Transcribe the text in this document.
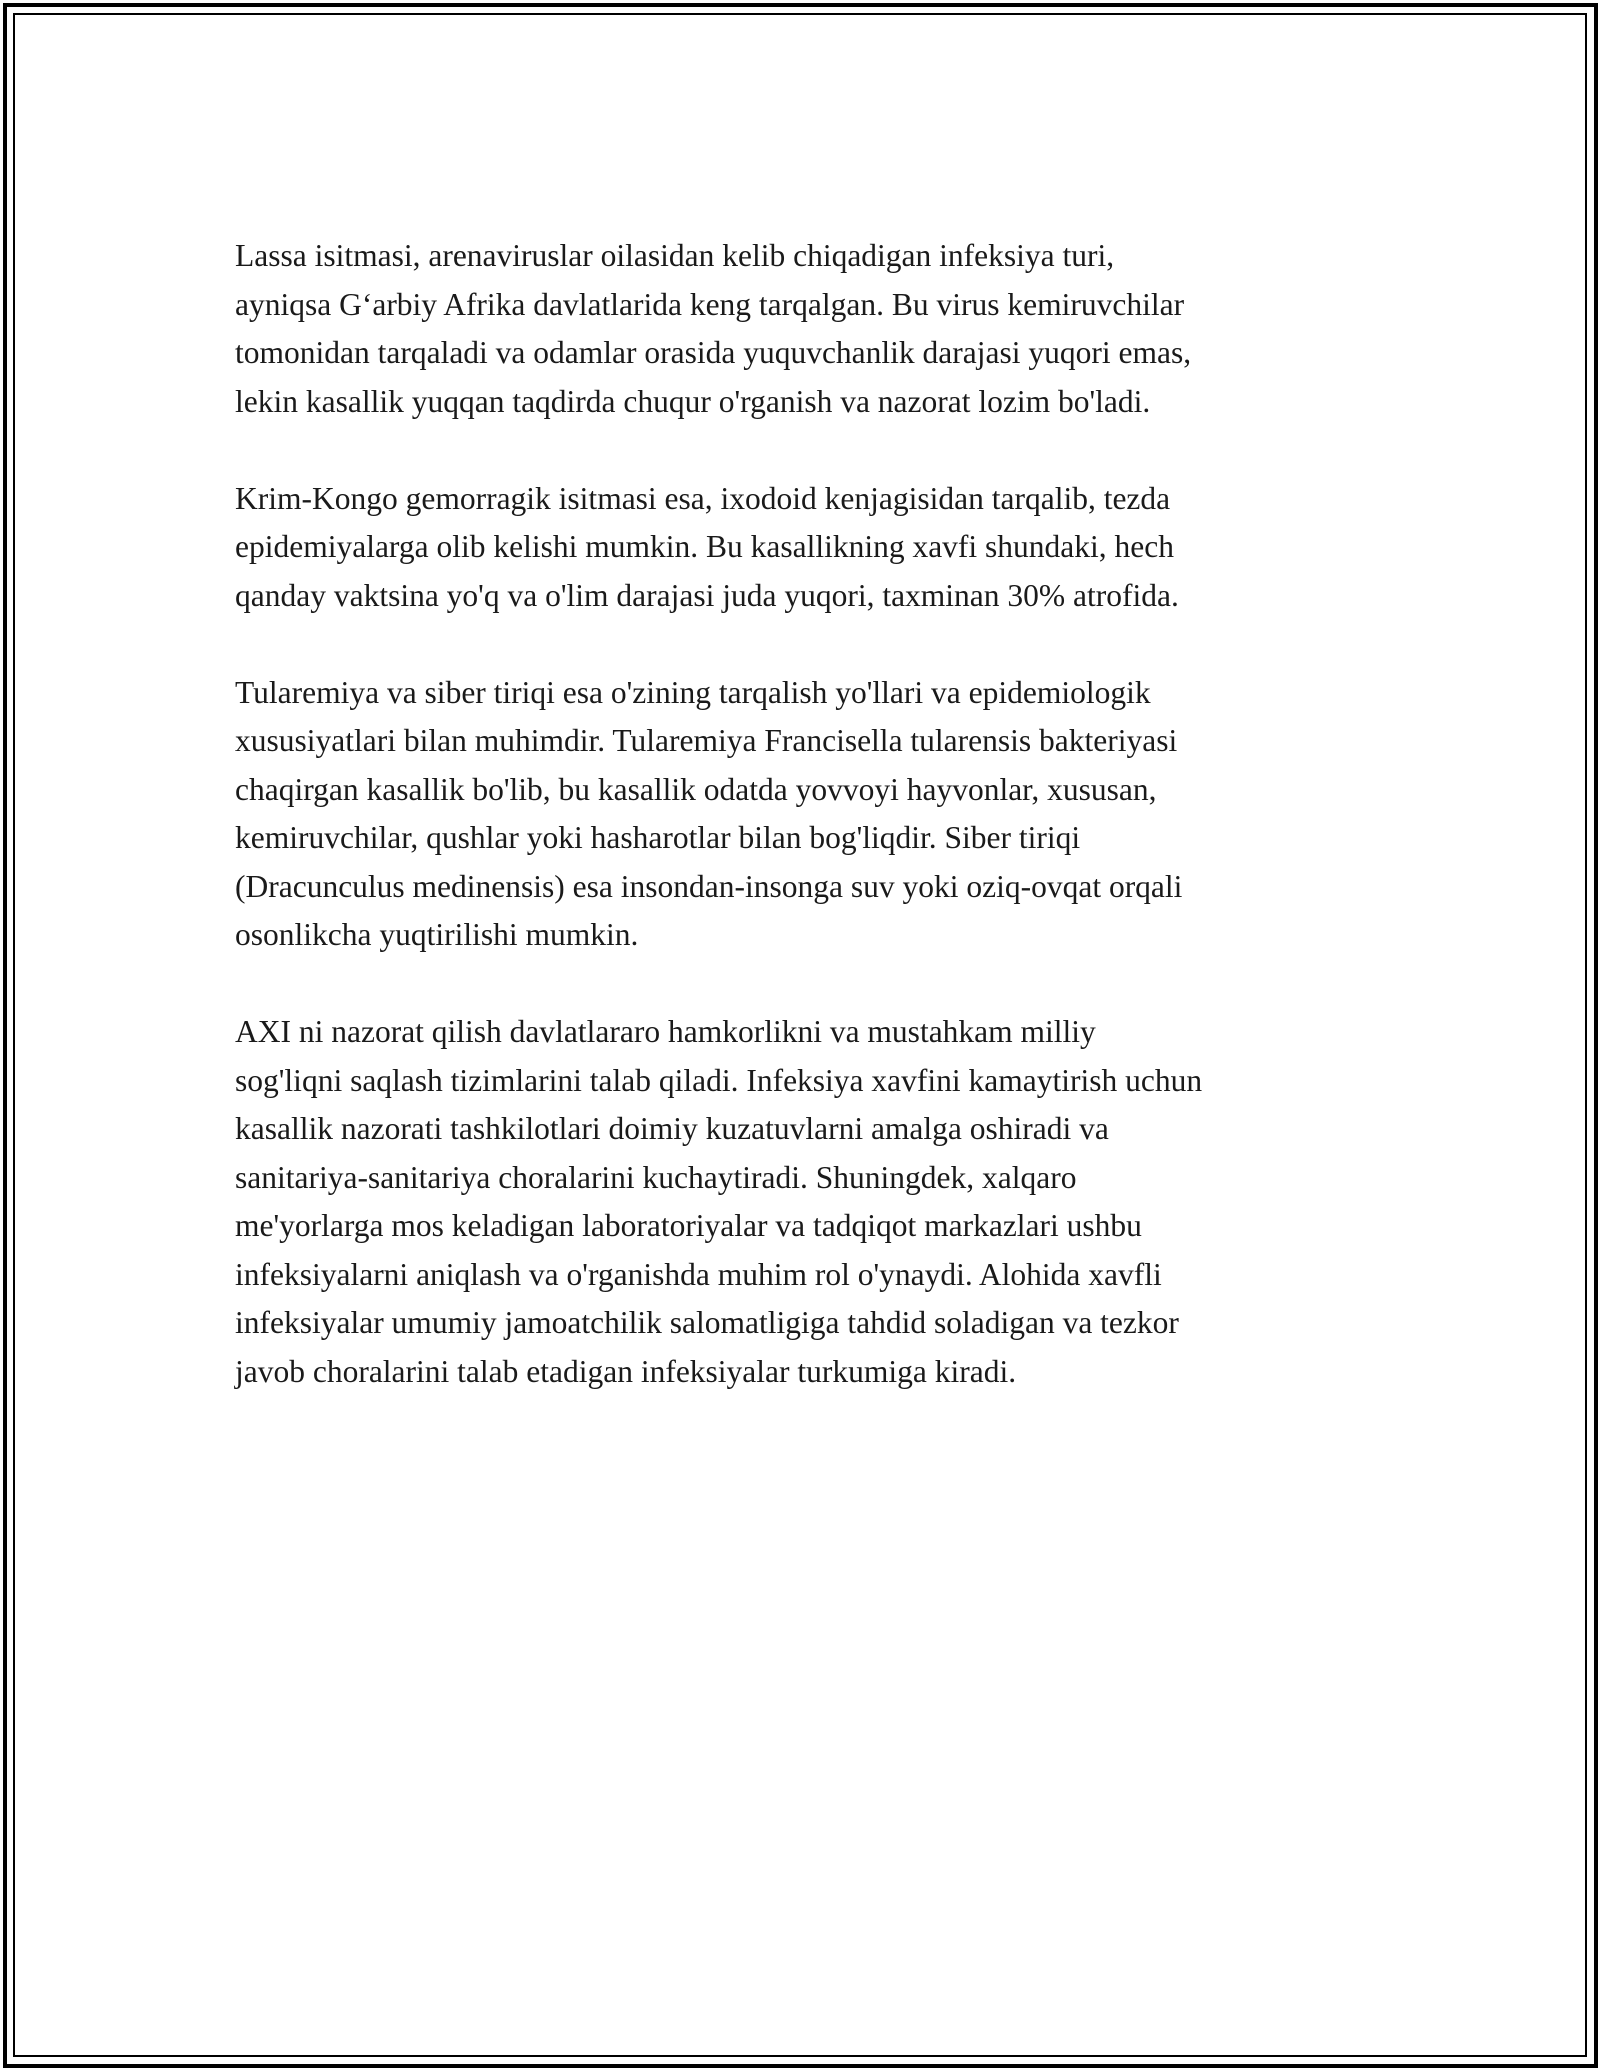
Lassa isitmasi, arenaviruslar oilasidan kelib chiqadigan infeksiya turi,
ayniqsa G‘arbiy Afrika davlatlarida keng tarqalgan. Bu virus kemiruvchilar
tomonidan tarqaladi va odamlar orasida yuquvchanlik darajasi yuqori emas,
lekin kasallik yuqqan taqdirda chuqur o'rganish va nazorat lozim bo'ladi.

Krim-Kongo gemorragik isitmasi esa, ixodoid kenjagisidan tarqalib, tezda
epidemiyalarga olib kelishi mumkin. Bu kasallikning xavfi shundaki, hech
qanday vaktsina yo'q va o'lim darajasi juda yuqori, taxminan 30% atrofida.

Tularemiya va siber tiriqi esa o'zining tarqalish yo'llari va epidemiologik
xususiyatlari bilan muhimdir. Tularemiya Francisella tularensis bakteriyasi
chaqirgan kasallik bo'lib, bu kasallik odatda yovvoyi hayvonlar, xususan,
kemiruvchilar, qushlar yoki hasharotlar bilan bog'liqdir. Siber tiriqi
(Dracunculus medinensis) esa insondan-insonga suv yoki oziq-ovqat orqali
osonlikcha yuqtirilishi mumkin.

AXI ni nazorat qilish davlatlararo hamkorlikni va mustahkam milliy
sog'liqni saqlash tizimlarini talab qiladi. Infeksiya xavfini kamaytirish uchun
kasallik nazorati tashkilotlari doimiy kuzatuvlarni amalga oshiradi va
sanitariya-sanitariya choralarini kuchaytiradi. Shuningdek, xalqaro
me'yorlarga mos keladigan laboratoriyalar va tadqiqot markazlari ushbu
infeksiyalarni aniqlash va o'rganishda muhim rol o'ynaydi. Alohida xavfli
infeksiyalar umumiy jamoatchilik salomatligiga tahdid soladigan va tezkor
javob choralarini talab etadigan infeksiyalar turkumiga kiradi.
